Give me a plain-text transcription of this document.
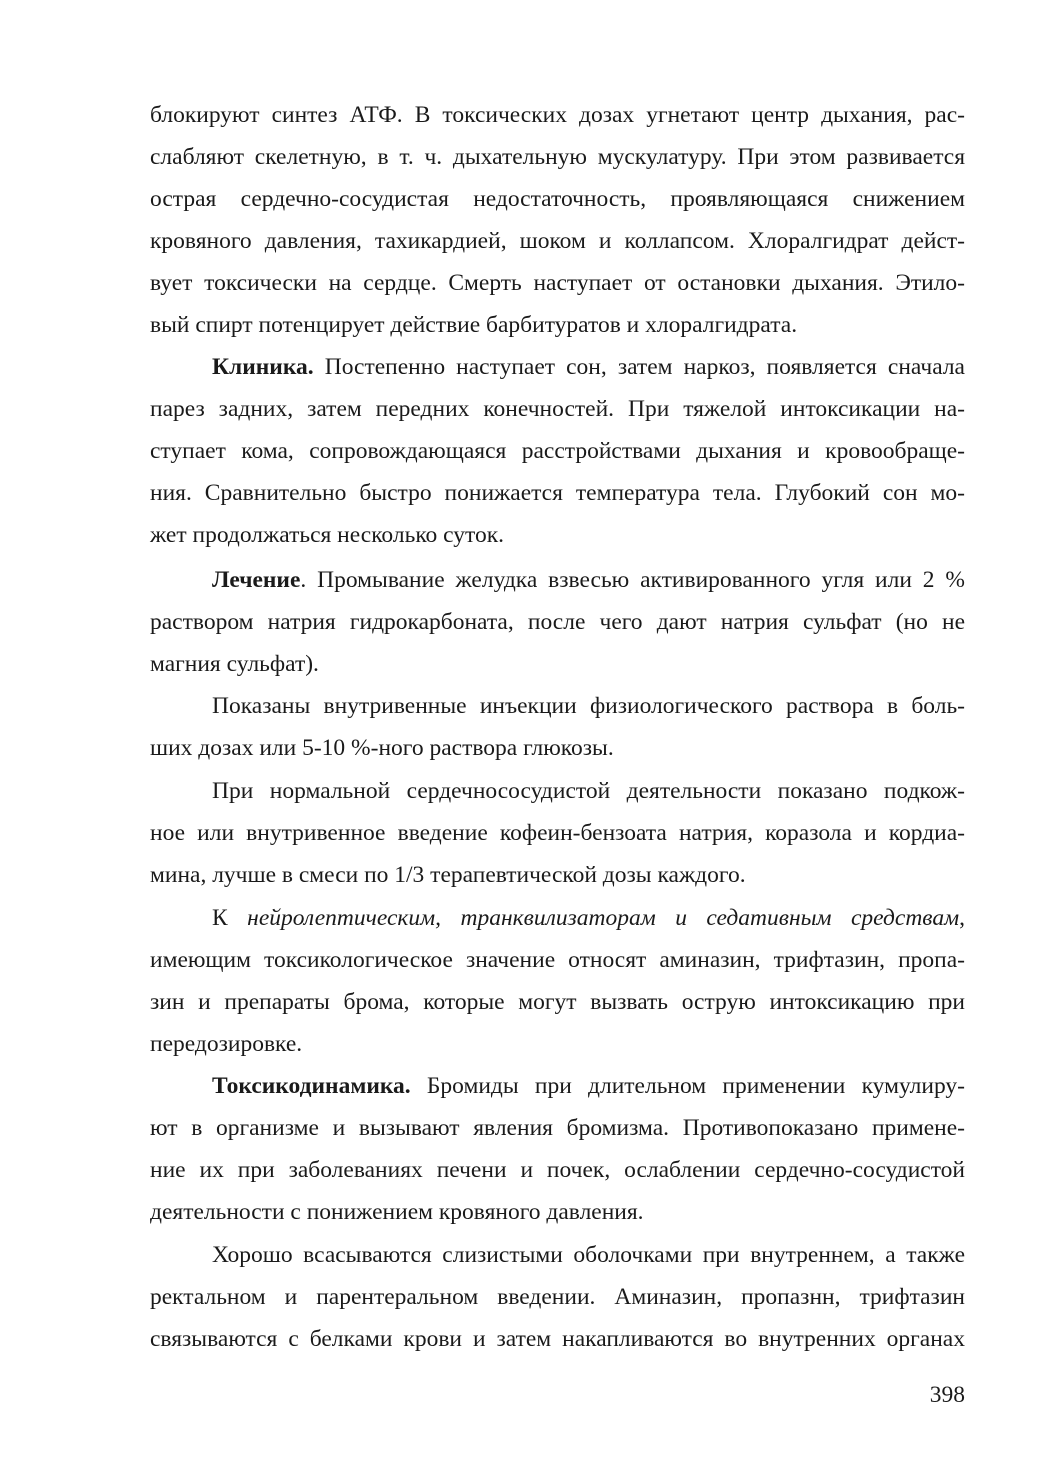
блокируют синтез АТФ. В токсических дозах угнетают центр дыхания, рас-
слабляют скелетную, в т. ч. дыхательную мускулатуру. При этом развивается
острая сердечно-сосудистая недостаточность, проявляющаяся снижением
кровяного давления, тахикардией, шоком и коллапсом. Хлоралгидрат дейст-
вует токсически на сердце. Смерть наступает от остановки дыхания. Этило-
вый спирт потенцирует действие барбитуратов и хлоралгидрата.
Клиника. Постепенно наступает сон, затем наркоз, появляется сначала
парез задних, затем передних конечностей. При тяжелой интоксикации на-
ступает кома, сопровождающаяся расстройствами дыхания и кровообраще-
ния. Сравнительно быстро понижается температура тела. Глубокий сон мо-
жет продолжаться несколько суток.
Лечение. Промывание желудка взвесью активированного угля или 2 %
раствором натрия гидрокарбоната, после чего дают натрия сульфат (но не
магния сульфат).
Показаны внутривенные инъекции физиологического раствора в боль-
ших дозах или 5-10 %-ного раствора глюкозы.
При нормальной сердечнососудистой деятельности показано подкож-
ное или внутривенное введение кофеин-бензоата натрия, коразола и кордиа-
мина, лучше в смеси по 1/3 терапевтической дозы каждого.
К нейролептическим, транквилизаторам и седативным средствам,
имеющим токсикологическое значение относят аминазин, трифтазин, пропа-
зин и препараты брома, которые могут вызвать острую интоксикацию при
передозировке.
Токсикодинамика. Бромиды при длительном применении кумулиру-
ют в организме и вызывают явления бромизма. Противопоказано примене-
ние их при заболеваниях печени и почек, ослаблении сердечно-сосудистой
деятельности с понижением кровяного давления.
Хорошо всасываются слизистыми оболочками при внутреннем, а также
ректальном и парентеральном введении. Аминазин, пропазнн, трифтазин
связываются с белками крови и затем накапливаются во внутренних органах
398
